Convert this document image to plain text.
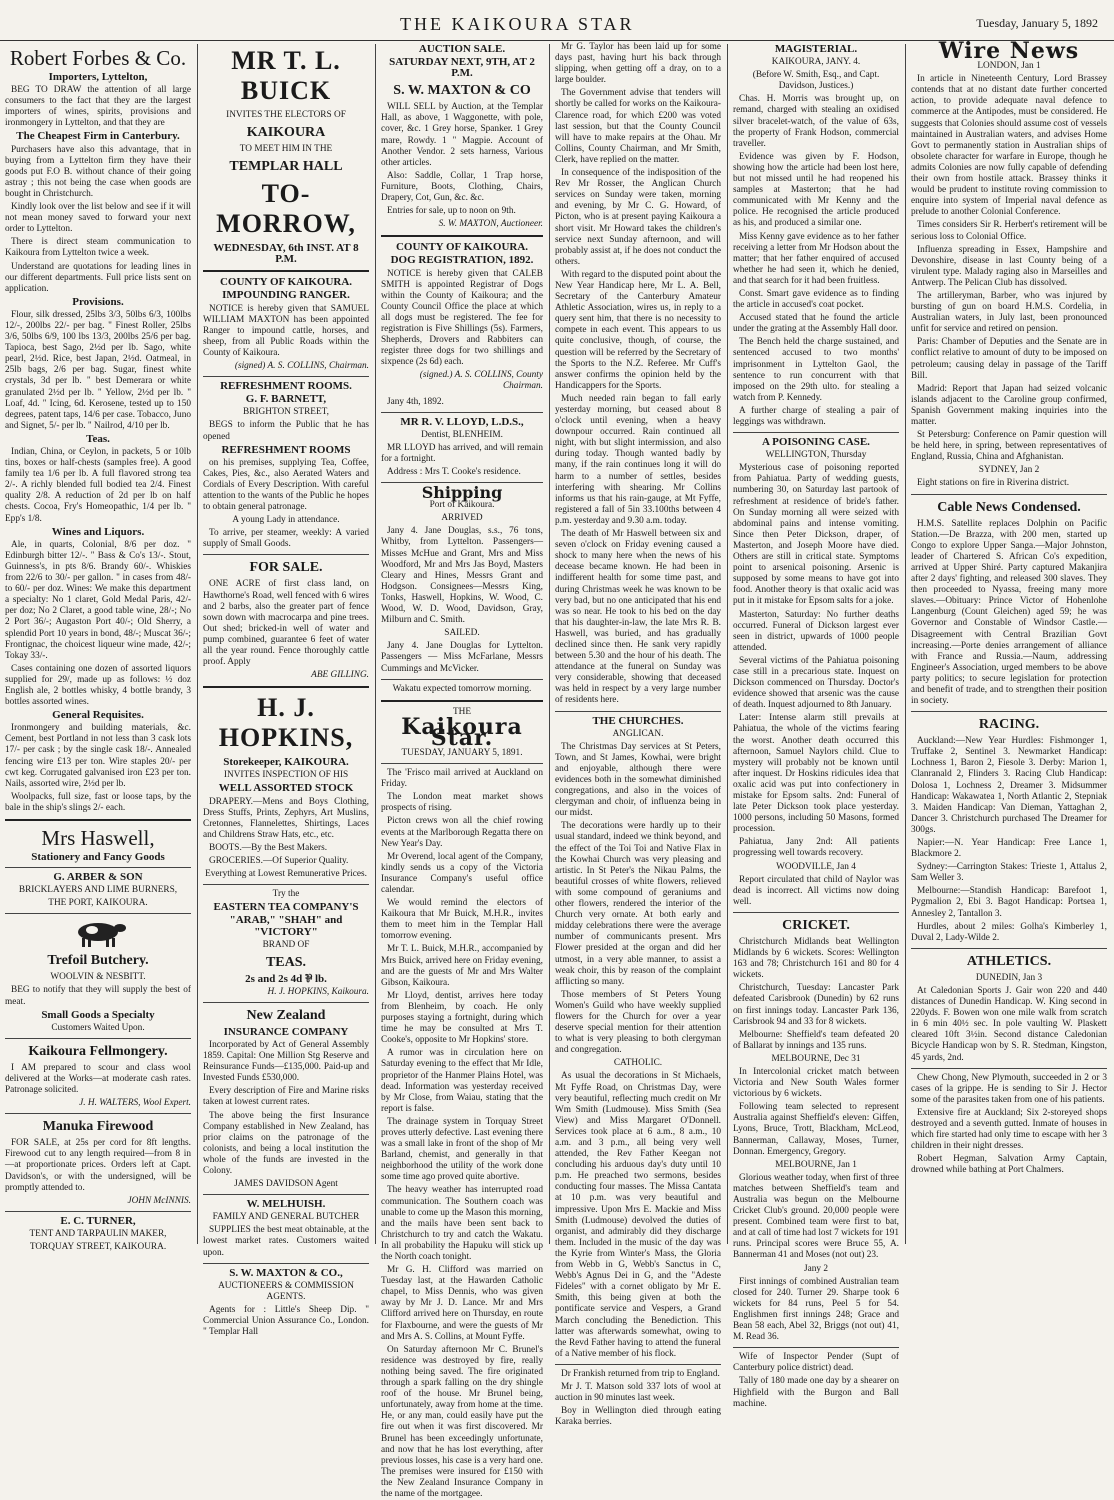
THE KAIKOURA STAR	Tuesday, January 5, 1892
Robert Forbes & Co.
Importers, Lyttelton,
BEG TO DRAW the attention of all large consumers to the fact that they are the largest importers of wines, spirits, provisions and ironmongery in Lyttelton, and that they are
The Cheapest Firm in Canterbury.
Purchasers have also this advantage, that in buying from a Lyttelton firm they have their goods put F.O B. without chance of their going astray ; this not being the case when goods are bought in Christchurch.
Kindly look over the list below and see if it will not mean money saved to forward your next order to Lyttelton.
There is direct steam communication to Kaikoura from Lyttelton twice a week.
Understand are quotations for leading lines in our different departments. Full price lists sent on application.
Provisions.
Flour, silk dressed, 25lbs 3/3, 50lbs 6/3, 100lbs 12/-, 200lbs 22/- per bag. " Finest Roller, 25lbs 3/6, 50lbs 6/9, 100 lbs 13/3, 200lbs 25/6 per bag. Tapioca, best Sago, 2½d per lb. Sago, white pearl, 2½d. Rice, best Japan, 2½d. Oatmeal, in 25lb bags, 2/6 per bag. Sugar, finest white crystals, 3d per lb. " best Demerara or white granulated 2½d per lb. " Yellow, 2½d per lb. " Loaf, 4d. " Icing, 6d. Kerosene, tested up to 150 degrees, patent taps, 14/6 per case. Tobacco, Juno and Signet, 5/- per lb. " Nailrod, 4/10 per lb.
Teas.
Indian, China, or Ceylon, in packets, 5 or 10lb tins, boxes or half-chests (samples free). A good family tea 1/6 per lb. A full flavored strong tea 2/-. A richly blended full bodied tea 2/4. Finest quality 2/8. A reduction of 2d per lb on half chests. Cocoa, Fry's Homeopathic, 1/4 per lb. " Epp's 1/8.
Wines and Liquors.
Ale, in quarts, Colonial, 8/6 per doz. " Edinburgh bitter 12/-. " Bass & Co's 13/-. Stout, Guinness's, in pts 8/6. Brandy 60/-. Whiskies from 22/6 to 30/- per gallon. " in cases from 48/- to 60/- per doz. Wines: We make this department a specialty: No 1 claret, Gold Medal Paris, 42/- per doz; No 2 Claret, a good table wine, 28/-; No 2 Port 36/-; Augaston Port 40/-; Old Sherry, a splendid Port 10 years in bond, 48/-; Muscat 36/-; Frontignac, the choicest liqueur wine made, 42/-; Tokay 33/-.
Cases containing one dozen of assorted liquors supplied for 29/, made up as follows: ½ doz English ale, 2 bottles whisky, 4 bottle brandy, 3 bottles assorted wines.
General Requisites.
Ironmongery and building materials, &c. Cement, best Portland in not less than 3 cask lots 17/- per cask ; by the single cask 18/-. Annealed fencing wire £13 per ton. Wire staples 20/- per cwt keg. Corrugated galvanised iron £23 per ton. Nails, assorted wire, 2½d per lb.
Woolpacks, full size, fast or loose taps, by the bale in the ship's slings 2/- each.
Mrs Haswell,
Stationery and Fancy Goods
G. ARBER & SON
BRICKLAYERS AND LIME BURNERS,
THE PORT, KAIKOURA.
Trefoil Butchery.
WOOLVIN & NESBITT.
BEG to notify that they will supply the best of meat.
Small Goods a Specialty
Customers Waited Upon.
Kaikoura Fellmongery.
I AM prepared to scour and class wool delivered at the Works—at moderate cash rates. Patronage solicited.
J. H. WALTERS, Wool Expert.
Manuka Firewood
FOR SALE, at 25s per cord for 8ft lengths. Firewood cut to any length required—from 8 in —at proportionate prices. Orders left at Capt. Davidson's, or with the undersigned, will be promptly attended to.
JOHN McINNIS.
E. C. TURNER,
TENT AND TARPAULIN MAKER,
TORQUAY STREET, KAIKOURA.
MR T. L. BUICK
INVITES THE ELECTORS OF
KAIKOURA
TO MEET HIM IN THE
TEMPLAR HALL
TO-MORROW,
WEDNESDAY, 6th INST. AT 8 P.M.
COUNTY OF KAIKOURA.
IMPOUNDING RANGER.
NOTICE is hereby given that SAMUEL WILLIAM MAXTON has been appointed Ranger to impound cattle, horses, and sheep, from all Public Roads within the County of Kaikoura.
(signed) A. S. COLLINS, Chairman.
REFRESHMENT ROOMS.
G. F. BARNETT,
BRIGHTON STREET,
BEGS to inform the Public that he has opened
REFRESHMENT ROOMS
on his premises, supplying Tea, Coffee, Cakes, Pies, &c., also Aerated Waters and Cordials of Every Description. With careful attention to the wants of the Public he hopes to obtain general patronage.
A young Lady in attendance.
To arrive, per steamer, weekly: A varied supply of Small Goods.
FOR SALE.
ONE ACRE of first class land, on Hawthorne's Road, well fenced with 6 wires and 2 barbs, also the greater part of fence sown down with macrocarpa and pine trees. Out shed; bricked-in well of water and pump combined, guarantee 6 feet of water all the year round. Fence thoroughly cattle proof. Apply
ABE GILLING.
H. J. HOPKINS,
Storekeeper, KAIKOURA.
INVITES INSPECTION OF HIS
WELL ASSORTED STOCK
DRAPERY.—Mens and Boys Clothing, Dress Stuffs, Prints, Zephyrs, Art Muslins, Cretonnes, Flannelettes, Shirtings, Laces and Childrens Straw Hats, etc., etc.
BOOTS.—By the Best Makers.
GROCERIES.—Of Superior Quality.
Everything at Lowest Remunerative Prices.
Try the
EASTERN TEA COMPANY'S
"ARAB," "SHAH" and "VICTORY"
BRAND OF
TEAS.
2s and 2s 4d ⅌ lb.
H. J. HOPKINS, Kaikoura.
New Zealand
INSURANCE COMPANY
Incorporated by Act of General Assembly 1859. Capital: One Million Stg Reserve and Reinsurance Funds—£135,000. Paid-up and Invested Funds £530,000.
Every description of Fire and Marine risks taken at lowest current rates.
The above being the first Insurance Company established in New Zealand, has prior claims on the patronage of the colonists, and being a local institution the whole of the funds are invested in the Colony.
JAMES DAVIDSON Agent
W. MELHUISH.
FAMILY AND GENERAL BUTCHER
SUPPLIES the best meat obtainable, at the lowest market rates. Customers waited upon.
S. W. MAXTON & CO.,
AUCTIONEERS & COMMISSION AGENTS.
Agents for : Little's Sheep Dip. " Commercial Union Assurance Co., London. " Templar Hall
AUCTION SALE.
SATURDAY NEXT, 9TH, AT 2 P.M.
S. W. MAXTON & CO
WILL SELL by Auction, at the Templar Hall, as above, 1 Waggonette, with pole, cover, &c. 1 Grey horse, Spanker. 1 Grey mare, Rowdy. 1 " Magpie. Account of Another Vendor. 2 sets harness, Various other articles.
Also: Saddle, Collar, 1 Trap horse, Furniture, Boots, Clothing, Chairs, Drapery, Cot, Gun, &c. &c.
Entries for sale, up to noon on 9th.
S. W. MAXTON, Auctioneer.
COUNTY OF KAIKOURA.
DOG REGISTRATION, 1892.
NOTICE is hereby given that CALEB SMITH is appointed Registrar of Dogs within the County of Kaikoura; and the County Council Office the place at which all dogs must be registered. The fee for registration is Five Shillings (5s). Farmers, Shepherds, Drovers and Rabbiters can register three dogs for two shillings and sixpence (2s 6d) each.
(signed.) A. S. COLLINS, County Chairman.
Jany 4th, 1892.
MR R. V. LLOYD, L.D.S.,
Dentist, BLENHEIM.
MR LLOYD has arrived, and will remain for a fortnight.
Address : Mrs T. Cooke's residence.
Shipping
Port of Kaikoura.
ARRIVED
Jany 4. Jane Douglas, s.s., 76 tons, Whitby, from Lyttelton. Passengers—Misses McHue and Grant, Mrs and Miss Woodford, Mr and Mrs Jas Boyd, Masters Cleary and Hines, Messrs Grant and Hodgson. Consignees—Messrs King, Tonks, Haswell, Hopkins, W. Wood, C. Wood, W. D. Wood, Davidson, Gray, Milburn and C. Smith.
SAILED.
Jany 4. Jane Douglas for Lyttelton. Passengers — Miss McFarlane, Messrs Cummings and McVicker.
Wakatu expected tomorrow morning.
THE
Kaikoura Star.
TUESDAY, JANUARY 5, 1891.
The 'Frisco mail arrived at Auckland on Friday.
The London meat market shows prospects of rising.
Picton crews won all the chief rowing events at the Marlborough Regatta there on New Year's Day.
Mr Overend, local agent of the Company, kindly sends us a copy of the Victoria Insurance Company's useful office calendar.
We would remind the electors of Kaikoura that Mr Buick, M.H.R., invites them to meet him in the Templar Hall tomorrow evening.
Mr T. L. Buick, M.H.R., accompanied by Mrs Buick, arrived here on Friday evening, and are the guests of Mr and Mrs Walter Gibson, Kaikoura.
Mr Lloyd, dentist, arrives here today from Blenheim, by coach. He only purposes staying a fortnight, during which time he may be consulted at Mrs T. Cooke's, opposite to Mr Hopkins' store.
A rumor was in circulation here on Saturday evening to the effect that Mr Idle, proprietor of the Hanmer Plains Hotel, was dead. Information was yesterday received by Mr Close, from Waiau, stating that the report is false.
The drainage system in Torquay Street proves utterly defective. Last evening there was a small lake in front of the shop of Mr Barland, chemist, and generally in that neighborhood the utility of the work done some time ago proved quite abortive.
The heavy weather has interrupted road communication. The Southern coach was unable to come up the Mason this morning, and the mails have been sent back to Christchurch to try and catch the Wakatu. In all probability the Hapuku will stick up the North coach tonight.
Mr G. H. Clifford was married on Tuesday last, at the Hawarden Catholic chapel, to Miss Dennis, who was given away by Mr J. D. Lance. Mr and Mrs Clifford arrived here on Thursday, en route for Flaxbourne, and were the guests of Mr and Mrs A. S. Collins, at Mount Fyffe.
On Saturday afternoon Mr C. Brunel's residence was destroyed by fire, really nothing being saved. The fire originated through a spark falling on the dry shingle roof of the house. Mr Brunel being, unfortunately, away from home at the time. He, or any man, could easily have put the fire out when it was first discovered. Mr Brunel has been exceedingly unfortunate, and now that he has lost everything, after previous losses, his case is a very hard one. The premises were insured for £150 with the New Zealand Insurance Company in the name of the mortgagee.
Mr G. Taylor has been laid up for some days past, having hurt his back through slipping, when getting off a dray, on to a large boulder.
The Government advise that tenders will shortly be called for works on the Kaikoura-Clarence road, for which £200 was voted last session, but that the County Council will have to make repairs at the Ohau. Mr Collins, County Chairman, and Mr Smith, Clerk, have replied on the matter.
In consequence of the indisposition of the Rev Mr Rosser, the Anglican Church services on Sunday were taken, morning and evening, by Mr C. G. Howard, of Picton, who is at present paying Kaikoura a short visit. Mr Howard takes the children's service next Sunday afternoon, and will probably assist at, if he does not conduct the others.
With regard to the disputed point about the New Year Handicap here, Mr L. A. Bell, Secretary of the Canterbury Amateur Athletic Association, wires us, in reply to a query sent him, that there is no necessity to compete in each event. This appears to us quite conclusive, though, of course, the question will be referred by the Secretary of the Sports to the N.Z. Referee. Mr Cuff's answer confirms the opinion held by the Handicappers for the Sports.
Much needed rain began to fall early yesterday morning, but ceased about 8 o'clock until evening, when a heavy downpour occurred. Rain continued all night, with but slight intermission, and also during today. Though wanted badly by many, if the rain continues long it will do harm to a number of settles, besides interfering with shearing. Mr Collins informs us that his rain-gauge, at Mt Fyffe, registered a fall of 5in 33.100ths between 4 p.m. yesterday and 9.30 a.m. today.
The death of Mr Haswell between six and seven o'clock on Friday evening caused a shock to many here when the news of his decease became known. He had been in indifferent health for some time past, and during Christmas week he was known to be very bad, but no one anticipated that his end was so near. He took to his bed on the day that his daughter-in-law, the late Mrs R. B. Haswell, was buried, and has gradually declined since then. He sank very rapidly between 5.30 and the hour of his death. The attendance at the funeral on Sunday was very considerable, showing that deceased was held in respect by a very large number of residents here.
THE CHURCHES.
ANGLICAN.
The Christmas Day services at St Peters, Town, and St James, Kowhai, were bright and enjoyable, although there were evidences both in the somewhat diminished congregations, and also in the voices of clergyman and choir, of influenza being in our midst.
The decorations were hardly up to their usual standard, indeed we think beyond, and the effect of the Toi Toi and Native Flax in the Kowhai Church was very pleasing and artistic. In St Peter's the Nikau Palms, the beautiful crosses of white flowers, relieved with some compound of geraniums and other flowers, rendered the interior of the Church very ornate. At both early and midday celebrations there were the average number of communicants present. Mrs Flower presided at the organ and did her utmost, in a very able manner, to assist a weak choir, this by reason of the complaint afflicting so many.
Those members of St Peters Young Women's Guild who have weekly supplied flowers for the Church for over a year deserve special mention for their attention to what is very pleasing to both clergyman and congregation.
CATHOLIC.
As usual the decorations in St Michaels, Mt Fyffe Road, on Christmas Day, were very beautiful, reflecting much credit on Mr Wm Smith (Ludmouse). Miss Smith (Sea View) and Miss Margaret O'Donnell. Services took place at 6 a.m., 8 a.m., 10 a.m. and 3 p.m., all being very well attended, the Rev Father Keegan not concluding his arduous day's duty until 10 p.m. He preached two sermons, besides conducting four masses. The Missa Cantata at 10 p.m. was very beautiful and impressive. Upon Mrs E. Mackie and Miss Smith (Ludmouse) devolved the duties of organist, and admirably did they discharge them. Included in the music of the day was the Kyrie from Winter's Mass, the Gloria from Webb in G, Webb's Sanctus in C, Webb's Agnus Dei in G, and the "Adeste Fideles" with a cornet obligato by Mr E. Smith, this being given at both the pontificate service and Vespers, a Grand March concluding the Benediction. This latter was afterwards somewhat, owing to the Revd Father having to attend the funeral of a Native member of his flock.
Dr Frankish returned from trip to England.
Mr J. T. Matson sold 337 lots of wool at auction in 90 minutes last week.
Boy in Wellington died through eating Karaka berries.
MAGISTERIAL.
KAIKOURA, JANY. 4.
(Before W. Smith, Esq., and Capt. Davidson, Justices.)
Chas. H. Morris was brought up, on remand, charged with stealing an oxidised silver bracelet-watch, of the value of 63s, the property of Frank Hodson, commercial traveller.
Evidence was given by F. Hodson, showing how the article had been lost here, but not missed until he had reopened his samples at Masterton; that he had communicated with Mr Kenny and the police. He recognised the article produced as his, and produced a similar one.
Miss Kenny gave evidence as to her father receiving a letter from Mr Hodson about the matter; that her father enquired of accused whether he had seen it, which he denied, and that search for it had been fruitless.
Const. Smart gave evidence as to finding the article in accused's coat pocket.
Accused stated that he found the article under the grating at the Assembly Hall door.
The Bench held the charge sustained, and sentenced accused to two months' imprisonment in Lyttelton Gaol, the sentence to run concurrent with that imposed on the 29th ulto. for stealing a watch from P. Kennedy.
A further charge of stealing a pair of leggings was withdrawn.
A POISONING CASE.
WELLINGTON, Thursday
Mysterious case of poisoning reported from Pahiatua. Party of wedding guests, numbering 30, on Saturday last partook of refreshment at residence of bride's father. On Sunday morning all were seized with abdominal pains and intense vomiting. Since then Peter Dickson, draper, of Masterton, and Joseph Moore have died. Others are still in critical state. Symptoms point to arsenical poisoning. Arsenic is supposed by some means to have got into food. Another theory is that oxalic acid was put in it mistake for Epsom salts for a joke.
Masterton, Saturday: No further deaths occurred. Funeral of Dickson largest ever seen in district, upwards of 1000 people attended.
Several victims of the Pahiatua poisoning case still in a precarious state. Inquest on Dickson commenced on Thursday. Doctor's evidence showed that arsenic was the cause of death. Inquest adjourned to 8th January.
Later: Intense alarm still prevails at Pahiatua, the whole of the victims fearing the worst. Another death occurred this afternoon, Samuel Naylors child. Clue to mystery will probably not be known until after inquest. Dr Hoskins ridicules idea that oxalic acid was put into confectionery in mistake for Epsom salts. 2nd: Funeral of late Peter Dickson took place yesterday. 1000 persons, including 50 Masons, formed procession.
Pahiatua, Jany 2nd: All patients progressing well towards recovery.
WOODVILLE, Jan 4
Report circulated that child of Naylor was dead is incorrect. All victims now doing well.
CRICKET.
Christchurch Midlands beat Wellington Midlands by 6 wickets. Scores: Wellington 163 and 78; Christchurch 161 and 80 for 4 wickets.
Christchurch, Tuesday: Lancaster Park defeated Carisbrook (Dunedin) by 62 runs on first innings today. Lancaster Park 136, Carisbrook 94 and 33 for 8 wickets.
Melbourne: Sheffield's team defeated 20 of Ballarat by innings and 135 runs.
MELBOURNE, Dec 31
In Intercolonial cricket match between Victoria and New South Wales former victorious by 6 wickets.
Following team selected to represent Australia against Sheffield's eleven: Giffen, Lyons, Bruce, Trott, Blackham, McLeod, Bannerman, Callaway, Moses, Turner, Donnan. Emergency, Gregory.
MELBOURNE, Jan 1
Glorious weather today, when first of three matches between Sheffield's team and Australia was begun on the Melbourne Cricket Club's ground. 20,000 people were present. Combined team were first to bat, and at call of time had lost 7 wickets for 191 runs. Principal scores were Bruce 55, A. Bannerman 41 and Moses (not out) 23.
Jany 2
First innings of combined Australian team closed for 240. Turner 29. Sharpe took 6 wickets for 84 runs, Peel 5 for 54. Englishmen first innings 248; Grace and Bean 58 each, Abel 32, Briggs (not out) 41, M. Read 36.
Wife of Inspector Pender (Supt of Canterbury police district) dead.
Tally of 180 made one day by a shearer on Highfield with the Burgon and Ball machine.
Wire News
LONDON, Jan 1
In article in Nineteenth Century, Lord Brassey contends that at no distant date further concerted action, to provide adequate naval defence to commerce at the Antipodes, must be considered. He suggests that Colonies should assume cost of vessels maintained in Australian waters, and advises Home Govt to permanently station in Australian ships of obsolete character for warfare in Europe, though he admits Colonies are now fully capable of defending their own from hostile attack. Brassey thinks it would be prudent to institute roving commission to enquire into system of Imperial naval defence as prelude to another Colonial Conference.
Times considers Sir R. Herbert's retirement will be serious loss to Colonial Office.
Influenza spreading in Essex, Hampshire and Devonshire, disease in last County being of a virulent type. Malady raging also in Marseilles and Antwerp. The Pelican Club has dissolved.
The artilleryman, Barber, who was injured by bursting of gun on board H.M.S. Cordelia, in Australian waters, in July last, been pronounced unfit for service and retired on pension.
Paris: Chamber of Deputies and the Senate are in conflict relative to amount of duty to be imposed on petroleum; causing delay in passage of the Tariff Bill.
Madrid: Report that Japan had seized volcanic islands adjacent to the Caroline group confirmed, Spanish Government making inquiries into the matter.
St Petersburg: Conference on Pamir question will be held here, in spring, between representatives of England, Russia, China and Afghanistan.
SYDNEY, Jan 2
Eight stations on fire in Riverina district.
Cable News Condensed.
H.M.S. Satellite replaces Dolphin on Pacific Station.—De Brazza, with 200 men, started up Congo to explore Upper Sanga.—Major Johnston, leader of Chartered S. African Co's expedition, arrived at Upper Shiré. Party captured Makanjira after 2 days' fighting, and released 300 slaves. They then proceeded to Nyassa, freeing many more slaves.—Obituary: Prince Victor of Hohenlohe Langenburg (Count Gleichen) aged 59; he was Governor and Constable of Windsor Castle.—Disagreement with Central Brazilian Govt increasing.—Porte denies arrangement of alliance with France and Russia.—Naum, addressing Engineer's Association, urged members to be above party politics; to secure legislation for protection and benefit of trade, and to strengthen their position in society.
RACING.
Auckland:—New Year Hurdles: Fishmonger 1, Truffake 2, Sentinel 3. Newmarket Handicap: Lochness 1, Baron 2, Fiesole 3. Derby: Marion 1, Clanranald 2, Flinders 3. Racing Club Handicap: Dolosa 1, Lochness 2, Dreamer 3. Midsummer Handicap: Wakawatea 1, North Atlantic 2, Stepniak 3. Maiden Handicap: Van Dieman, Yattaghan 2, Dancer 3. Christchurch purchased The Dreamer for 300gs.
Napier:—N. Year Handicap: Free Lance 1, Blackmore 2.
Sydney:—Carrington Stakes: Trieste 1, Attalus 2, Sam Weller 3.
Melbourne:—Standish Handicap: Barefoot 1, Pygmalion 2, Ebi 3. Bagot Handicap: Portsea 1, Annesley 2, Tantallon 3.
Hurdles, about 2 miles: Golha's Kimberley 1, Duval 2, Lady-Wilde 2.
ATHLETICS.
DUNEDIN, Jan 3
At Caledonian Sports J. Gair won 220 and 440 distances of Dunedin Handicap. W. King second in 220yds. F. Bowen won one mile walk from scratch in 6 min 40½ sec. In pole vaulting W. Plaskett cleared 10ft 3½in. Second distance Caledonian Bicycle Handicap won by S. R. Stedman, Kingston, 45 yards, 2nd.
Chew Chong, New Plymouth, succeeded in 2 or 3 cases of la grippe. He is sending to Sir J. Hector some of the parasites taken from one of his patients.
Extensive fire at Auckland; Six 2-storeyed shops destroyed and a seventh gutted. Inmate of houses in which fire started had only time to escape with her 3 children in their night dresses.
Robert Hegman, Salvation Army Captain, drowned while bathing at Port Chalmers.
